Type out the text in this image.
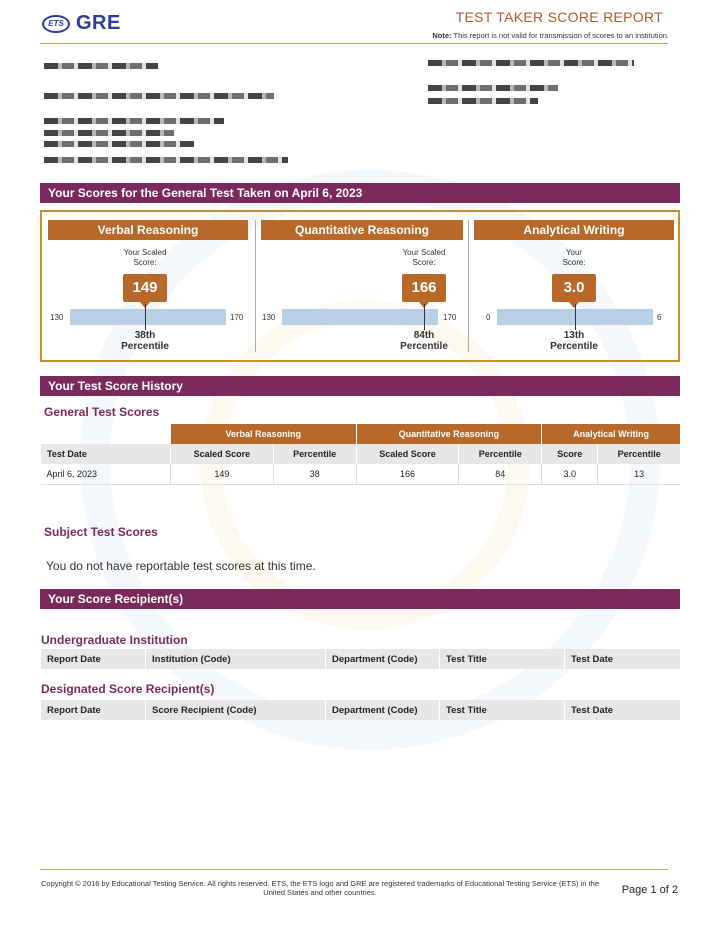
ETS GRE	TEST TAKER SCORE REPORT
Note: This report is not valid for transmission of scores to an institution.
Your Scores for the General Test Taken on April 6, 2023
Verbal Reasoning
Your Scaled
Score:
149
130	170
38th
Percentile
Quantitative Reasoning
Your Scaled
Score:
166
130	170
84th
Percentile
Analytical Writing
Your
Score:
3.0
0	6
13th
Percentile
Your Test Score History
General Test Scores
	Verbal Reasoning		Quantitative Reasoning		Analytical Writing	
Test Date	Scaled Score	Percentile	Scaled Score	Percentile	Score	Percentile
April 6, 2023	149	38	166	84	3.0	13
Subject Test Scores
You do not have reportable test scores at this time.
Your Score Recipient(s)
Undergraduate Institution
Report Date	Institution (Code)	Department (Code)	Test Title	Test Date
Designated Score Recipient(s)
Report Date	Score Recipient (Code)	Department (Code)	Test Title	Test Date
Copyright © 2016 by Educational Testing Service. All rights reserved. ETS, the ETS logo and GRE are registered trademarks of Educational Testing Service (ETS) in the United States and other countries.	Page 1 of 2
